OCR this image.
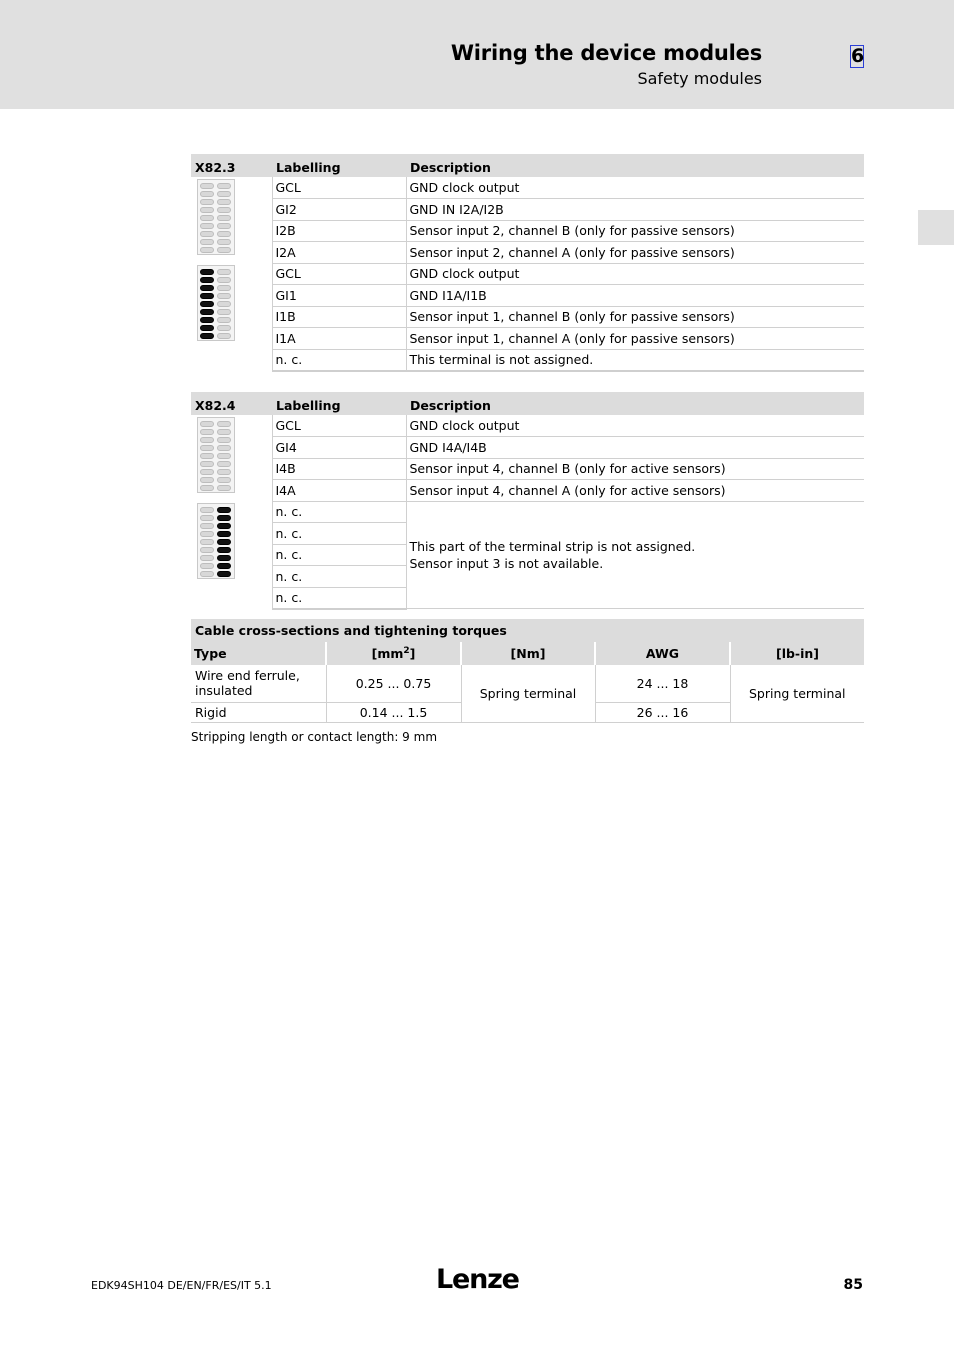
Wiring the device modules
Safety modules
6
X82.3	Labelling	Description

	GCL	GND clock output
	GI2	GND IN I2A/I2B
	I2B	Sensor input 2, channel B (only for passive sensors)
	I2A	Sensor input 2, channel A (only for passive sensors)

	GCL	GND clock output
	GI1	GND I1A/I1B
	I1B	Sensor input 1, channel B (only for passive sensors)
	I1A	Sensor input 1, channel A (only for passive sensors)
	n. c.	This terminal is not assigned.
X82.4	Labelling	Description

	GCL	GND clock output
	GI4	GND I4A/I4B
	I4B	Sensor input 4, channel B (only for active sensors)
	I4A	Sensor input 4, channel A (only for active sensors)

	n. c.	This part of the terminal strip is not assigned.
Sensor input 3 is not available.
	n. c.	
	n. c.	
	n. c.	
	n. c.	
Cable cross-sections and tightening torques
Type	$[mm^2]$	[Nm]	AWG	[lb-in]
Wire end ferrule,
insulated	0.25 ... 0.75	Spring terminal	24 ... 18	Spring terminal
Rigid	0.14 ... 1.5		26 ... 16	
Stripping length or contact length: 9 mm
EDK94SH104 DE/EN/FR/ES/IT 5.1	Lenze	85
